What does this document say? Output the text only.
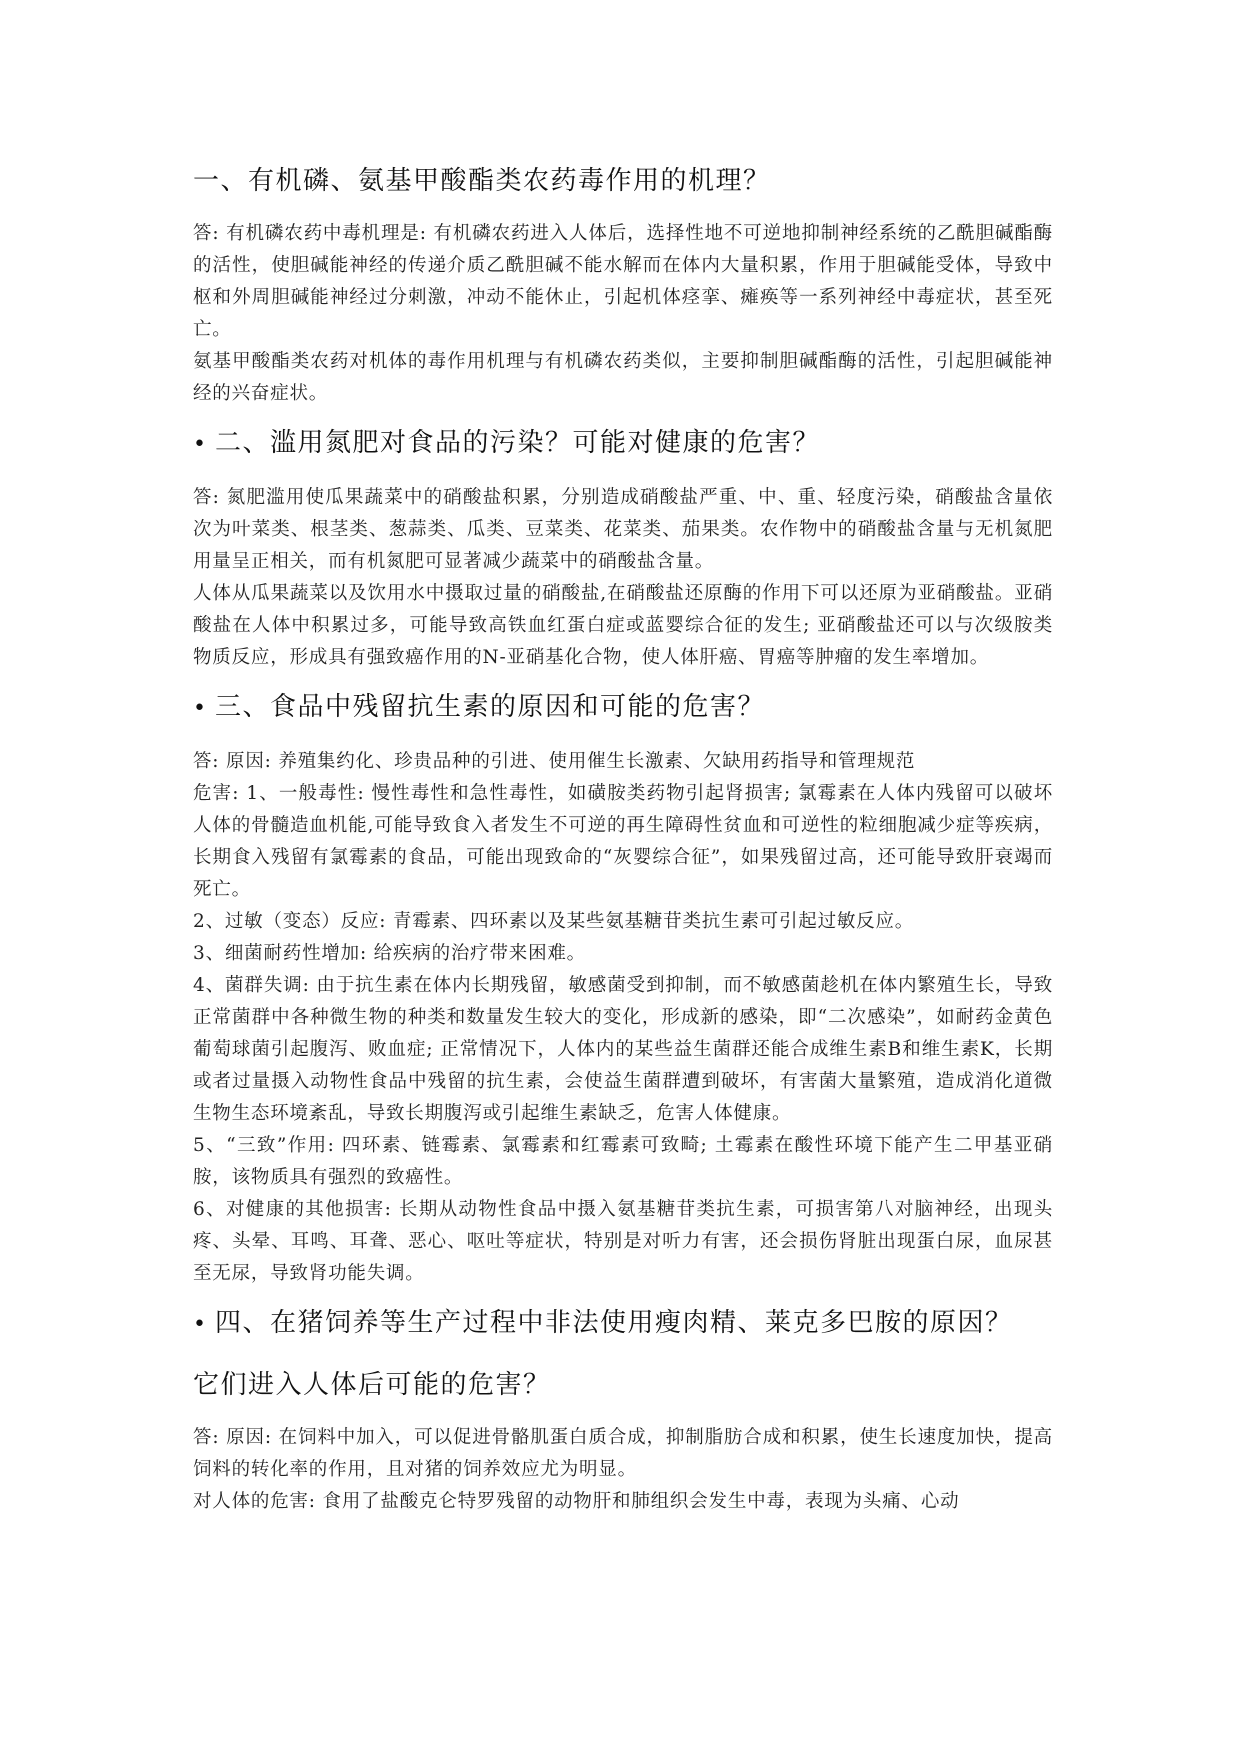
一、有机磷、氨基甲酸酯类农药毒作用的机理？

答: 有机磷农药中毒机理是: 有机磷农药进入人体后，选择性地不可逆地抑制神经系统的乙酰胆碱酯酶的活性，使胆碱能神经的传递介质乙酰胆碱不能水解而在体内大量积累，作用于胆碱能受体，导致中枢和外周胆碱能神经过分刺激，冲动不能休止，引起机体痉挛、瘫痪等一系列神经中毒症状，甚至死亡。

氨基甲酸酯类农药对机体的毒作用机理与有机磷农药类似，主要抑制胆碱酯酶的活性，引起胆碱能神经的兴奋症状。

• 二、滥用氮肥对食品的污染？可能对健康的危害？

答: 氮肥滥用使瓜果蔬菜中的硝酸盐积累，分别造成硝酸盐严重、中、重、轻度污染，硝酸盐含量依次为叶菜类、根茎类、葱蒜类、瓜类、豆菜类、花菜类、茄果类。农作物中的硝酸盐含量与无机氮肥用量呈正相关，而有机氮肥可显著减少蔬菜中的硝酸盐含量。

人体从瓜果蔬菜以及饮用水中摄取过量的硝酸盐,在硝酸盐还原酶的作用下可以还原为亚硝酸盐。亚硝酸盐在人体中积累过多，可能导致高铁血红蛋白症或蓝婴综合征的发生; 亚硝酸盐还可以与次级胺类物质反应，形成具有强致癌作用的N-亚硝基化合物，使人体肝癌、胃癌等肿瘤的发生率增加。

• 三、食品中残留抗生素的原因和可能的危害？

答: 原因: 养殖集约化、珍贵品种的引进、使用催生长激素、欠缺用药指导和管理规范

危害: 1、一般毒性: 慢性毒性和急性毒性，如磺胺类药物引起肾损害; 氯霉素在人体内残留可以破坏人体的骨髓造血机能,可能导致食入者发生不可逆的再生障碍性贫血和可逆性的粒细胞减少症等疾病，长期食入残留有氯霉素的食品，可能出现致命的“灰婴综合征”，如果残留过高，还可能导致肝衰竭而死亡。

2、过敏（变态）反应: 青霉素、四环素以及某些氨基糖苷类抗生素可引起过敏反应。

3、细菌耐药性增加: 给疾病的治疗带来困难。

4、菌群失调: 由于抗生素在体内长期残留，敏感菌受到抑制，而不敏感菌趁机在体内繁殖生长，导致正常菌群中各种微生物的种类和数量发生较大的变化，形成新的感染，即“二次感染”，如耐药金黄色葡萄球菌引起腹泻、败血症; 正常情况下，人体内的某些益生菌群还能合成维生素B和维生素K，长期或者过量摄入动物性食品中残留的抗生素，会使益生菌群遭到破坏，有害菌大量繁殖，造成消化道微生物生态环境紊乱，导致长期腹泻或引起维生素缺乏，危害人体健康。

5、“三致”作用: 四环素、链霉素、氯霉素和红霉素可致畸; 土霉素在酸性环境下能产生二甲基亚硝胺，该物质具有强烈的致癌性。

6、对健康的其他损害: 长期从动物性食品中摄入氨基糖苷类抗生素，可损害第八对脑神经，出现头疼、头晕、耳鸣、耳聋、恶心、呕吐等症状，特别是对听力有害，还会损伤肾脏出现蛋白尿，血尿甚至无尿，导致肾功能失调。

• 四、在猪饲养等生产过程中非法使用瘦肉精、莱克多巴胺的原因？
它们进入人体后可能的危害？

答: 原因: 在饲料中加入，可以促进骨骼肌蛋白质合成，抑制脂肪合成和积累，使生长速度加快，提高饲料的转化率的作用，且对猪的饲养效应尤为明显。

对人体的危害: 食用了盐酸克仑特罗残留的动物肝和肺组织会发生中毒，表现为头痛、心动
